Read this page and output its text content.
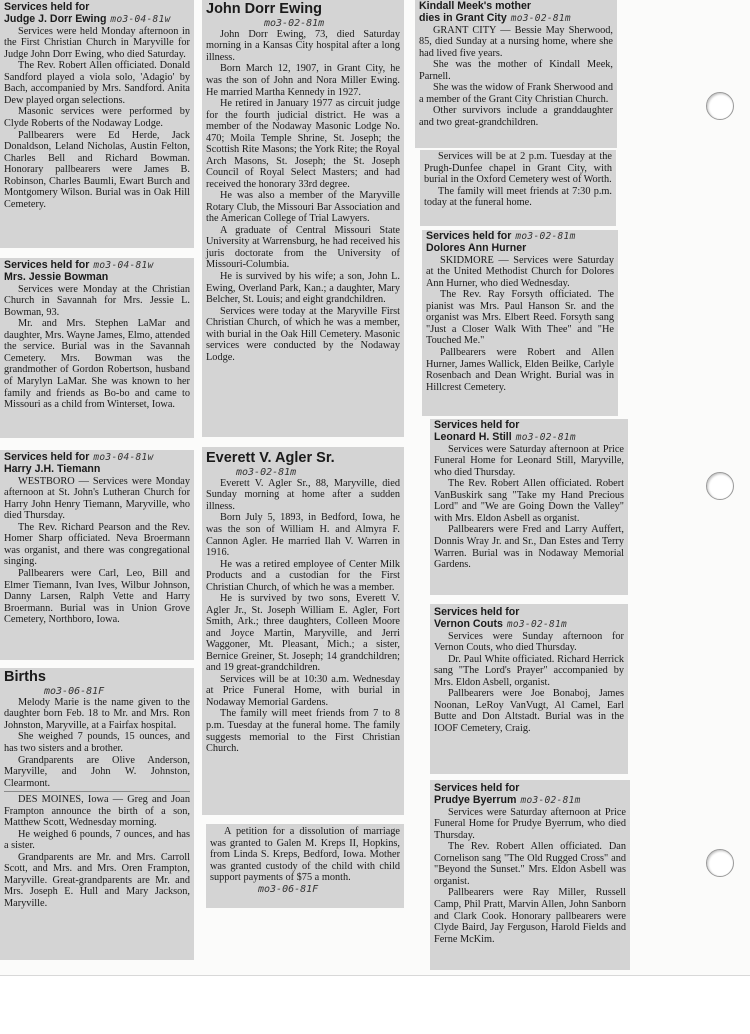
Services held for

Judge J. Dorr Ewing mo3-04-81w

Services were held Monday afternoon in the First Christian Church in Maryville for Judge John Dorr Ewing, who died Saturday.

The Rev. Robert Allen officiated. Donald Sandford played a viola solo, 'Adagio' by Bach, accompanied by Mrs. Sandford. Anita Dew played organ selections.

Masonic services were performed by Clyde Roberts of the Nodaway Lodge.

Pallbearers were Ed Herde, Jack Donaldson, Leland Nicholas, Austin Felton, Charles Bell and Richard Bowman. Honorary pallbearers were James B. Robinson, Charles Baumli, Ewart Burch and Montgomery Wilson. Burial was in Oak Hill Cemetery.

Services held for mo3-04-81w

Mrs. Jessie Bowman

Services were Monday at the Christian Church in Savannah for Mrs. Jessie L. Bowman, 93.

Mr. and Mrs. Stephen LaMar and daughter, Mrs. Wayne James, Elmo, attended the service. Burial was in the Savannah Cemetery. Mrs. Bowman was the grandmother of Gordon Robertson, husband of Marylyn LaMar. She was known to her family and friends as Bo-bo and came to Missouri as a child from Winterset, Iowa.

Services held for mo3-04-81w

Harry J.H. Tiemann

WESTBORO — Services were Monday afternoon at St. John's Lutheran Church for Harry John Henry Tiemann, Maryville, who died Thursday.

The Rev. Richard Pearson and the Rev. Homer Sharp officiated. Neva Broermann was organist, and there was congregational singing.

Pallbearers were Carl, Leo, Bill and Elmer Tiemann, Ivan Ives, Wilbur Johnson, Danny Larsen, Ralph Vette and Harry Broermann. Burial was in Union Grove Cemetery, Northboro, Iowa.

Births

mo3-06-81F

Melody Marie is the name given to the daughter born Feb. 18 to Mr. and Mrs. Ron Johnston, Maryville, at a Fairfax hospital.

She weighed 7 pounds, 15 ounces, and has two sisters and a brother.

Grandparents are Olive Anderson, Maryville, and John W. Johnston, Clearmont.

DES MOINES, Iowa — Greg and Joan Frampton announce the birth of a son, Matthew Scott, Wednesday morning.

He weighed 6 pounds, 7 ounces, and has a sister.

Grandparents are Mr. and Mrs. Carroll Scott, and Mrs. and Mrs. Oren Frampton, Maryville. Great-grandparents are Mr. and Mrs. Joseph E. Hull and Mary Jackson, Maryville.

John Dorr Ewing

mo3-02-81m

John Dorr Ewing, 73, died Saturday morning in a Kansas City hospital after a long illness.

Born March 12, 1907, in Grant City, he was the son of John and Nora Miller Ewing. He married Martha Kennedy in 1927.

He retired in January 1977 as circuit judge for the fourth judicial district. He was a member of the Nodaway Masonic Lodge No. 470; Moila Temple Shrine, St. Joseph; the Scottish Rite Masons; the York Rite; the Royal Arch Masons, St. Joseph; the St. Joseph Council of Royal Select Masters; and had received the honorary 33rd degree.

He was also a member of the Maryville Rotary Club, the Missouri Bar Association and the American College of Trial Lawyers.

A graduate of Central Missouri State University at Warrensburg, he had received his juris doctorate from the University of Missouri-Columbia.

He is survived by his wife; a son, John L. Ewing, Overland Park, Kan.; a daughter, Mary Belcher, St. Louis; and eight grandchildren.

Services were today at the Maryville First Christian Church, of which he was a member, with burial in the Oak Hill Cemetery. Masonic services were conducted by the Nodaway Lodge.

Everett V. Agler Sr.

mo3-02-81m

Everett V. Agler Sr., 88, Maryville, died Sunday morning at home after a sudden illness.

Born July 5, 1893, in Bedford, Iowa, he was the son of William H. and Almyra F. Cannon Agler. He married Ilah V. Warren in 1916.

He was a retired employee of Center Milk Products and a custodian for the First Christian Church, of which he was a member.

He is survived by two sons, Everett V. Agler Jr., St. Joseph William E. Agler, Fort Smith, Ark.; three daughters, Colleen Moore and Joyce Martin, Maryville, and Jerri Waggoner, Mt. Pleasant, Mich.; a sister, Bernice Greiner, St. Joseph; 14 grandchildren; and 19 great-grandchildren.

Services will be at 10:30 a.m. Wednesday at Price Funeral Home, with burial in Nodaway Memorial Gardens.

The family will meet friends from 7 to 8 p.m. Tuesday at the funeral home. The family suggests memorial to the First Christian Church.

A petition for a dissolution of marriage was granted to Galen M. Kreps II, Hopkins, from Linda S. Kreps, Bedford, Iowa. Mother was granted custody of the child with child support payments of $75 a month.

mo3-06-81F

Kindall Meek's mother

dies in Grant City mo3-02-81m

GRANT CITY — Bessie May Sherwood, 85, died Sunday at a nursing home, where she had lived five years.

She was the mother of Kindall Meek, Parnell.

She was the widow of Frank Sherwood and a member of the Grant City Christian Church.

Other survivors include a granddaughter and two great-grandchildren.

Services will be at 2 p.m. Tuesday at the Prugh-Dunfee chapel in Grant City, with burial in the Oxford Cemetery west of Worth.

The family will meet friends at 7:30 p.m. today at the funeral home.

Services held for mo3-02-81m

Dolores Ann Hurner

SKIDMORE — Services were Saturday at the United Methodist Church for Dolores Ann Hurner, who died Wednesday.

The Rev. Ray Forsyth officiated. The pianist was Mrs. Paul Hanson Sr. and the organist was Mrs. Elbert Reed. Forsyth sang "Just a Closer Walk With Thee" and "He Touched Me."

Pallbearers were Robert and Allen Hurner, James Wallick, Elden Beilke, Carlyle Rosenbach and Dean Wright. Burial was in Hillcrest Cemetery.

Services held for

Leonard H. Still mo3-02-81m

Services were Saturday afternoon at Price Funeral Home for Leonard Still, Maryville, who died Thursday.

The Rev. Robert Allen officiated. Robert VanBuskirk sang "Take my Hand Precious Lord" and "We are Going Down the Valley" with Mrs. Eldon Asbell as organist.

Pallbearers were Fred and Larry Auffert, Donnis Wray Jr. and Sr., Dan Estes and Terry Warren. Burial was in Nodaway Memorial Gardens.

Services held for

Vernon Couts mo3-02-81m

Services were Sunday afternoon for Vernon Couts, who died Thursday.

Dr. Paul White officiated. Richard Herrick sang "The Lord's Prayer" accompanied by Mrs. Eldon Asbell, organist.

Pallbearers were Joe Bonaboj, James Noonan, LeRoy VanVugt, Al Camel, Earl Butte and Don Altstadt. Burial was in the IOOF Cemetery, Craig.

Services held for

Prudye Byerrum mo3-02-81m

Services were Saturday afternoon at Price Funeral Home for Prudye Byerrum, who died Thursday.

The Rev. Robert Allen officiated. Dan Cornelison sang "The Old Rugged Cross" and "Beyond the Sunset." Mrs. Eldon Asbell was organist.

Pallbearers were Ray Miller, Russell Camp, Phil Pratt, Marvin Allen, John Sanborn and Clark Cook. Honorary pallbearers were Clyde Baird, Jay Ferguson, Harold Fields and Ferne McKim.
